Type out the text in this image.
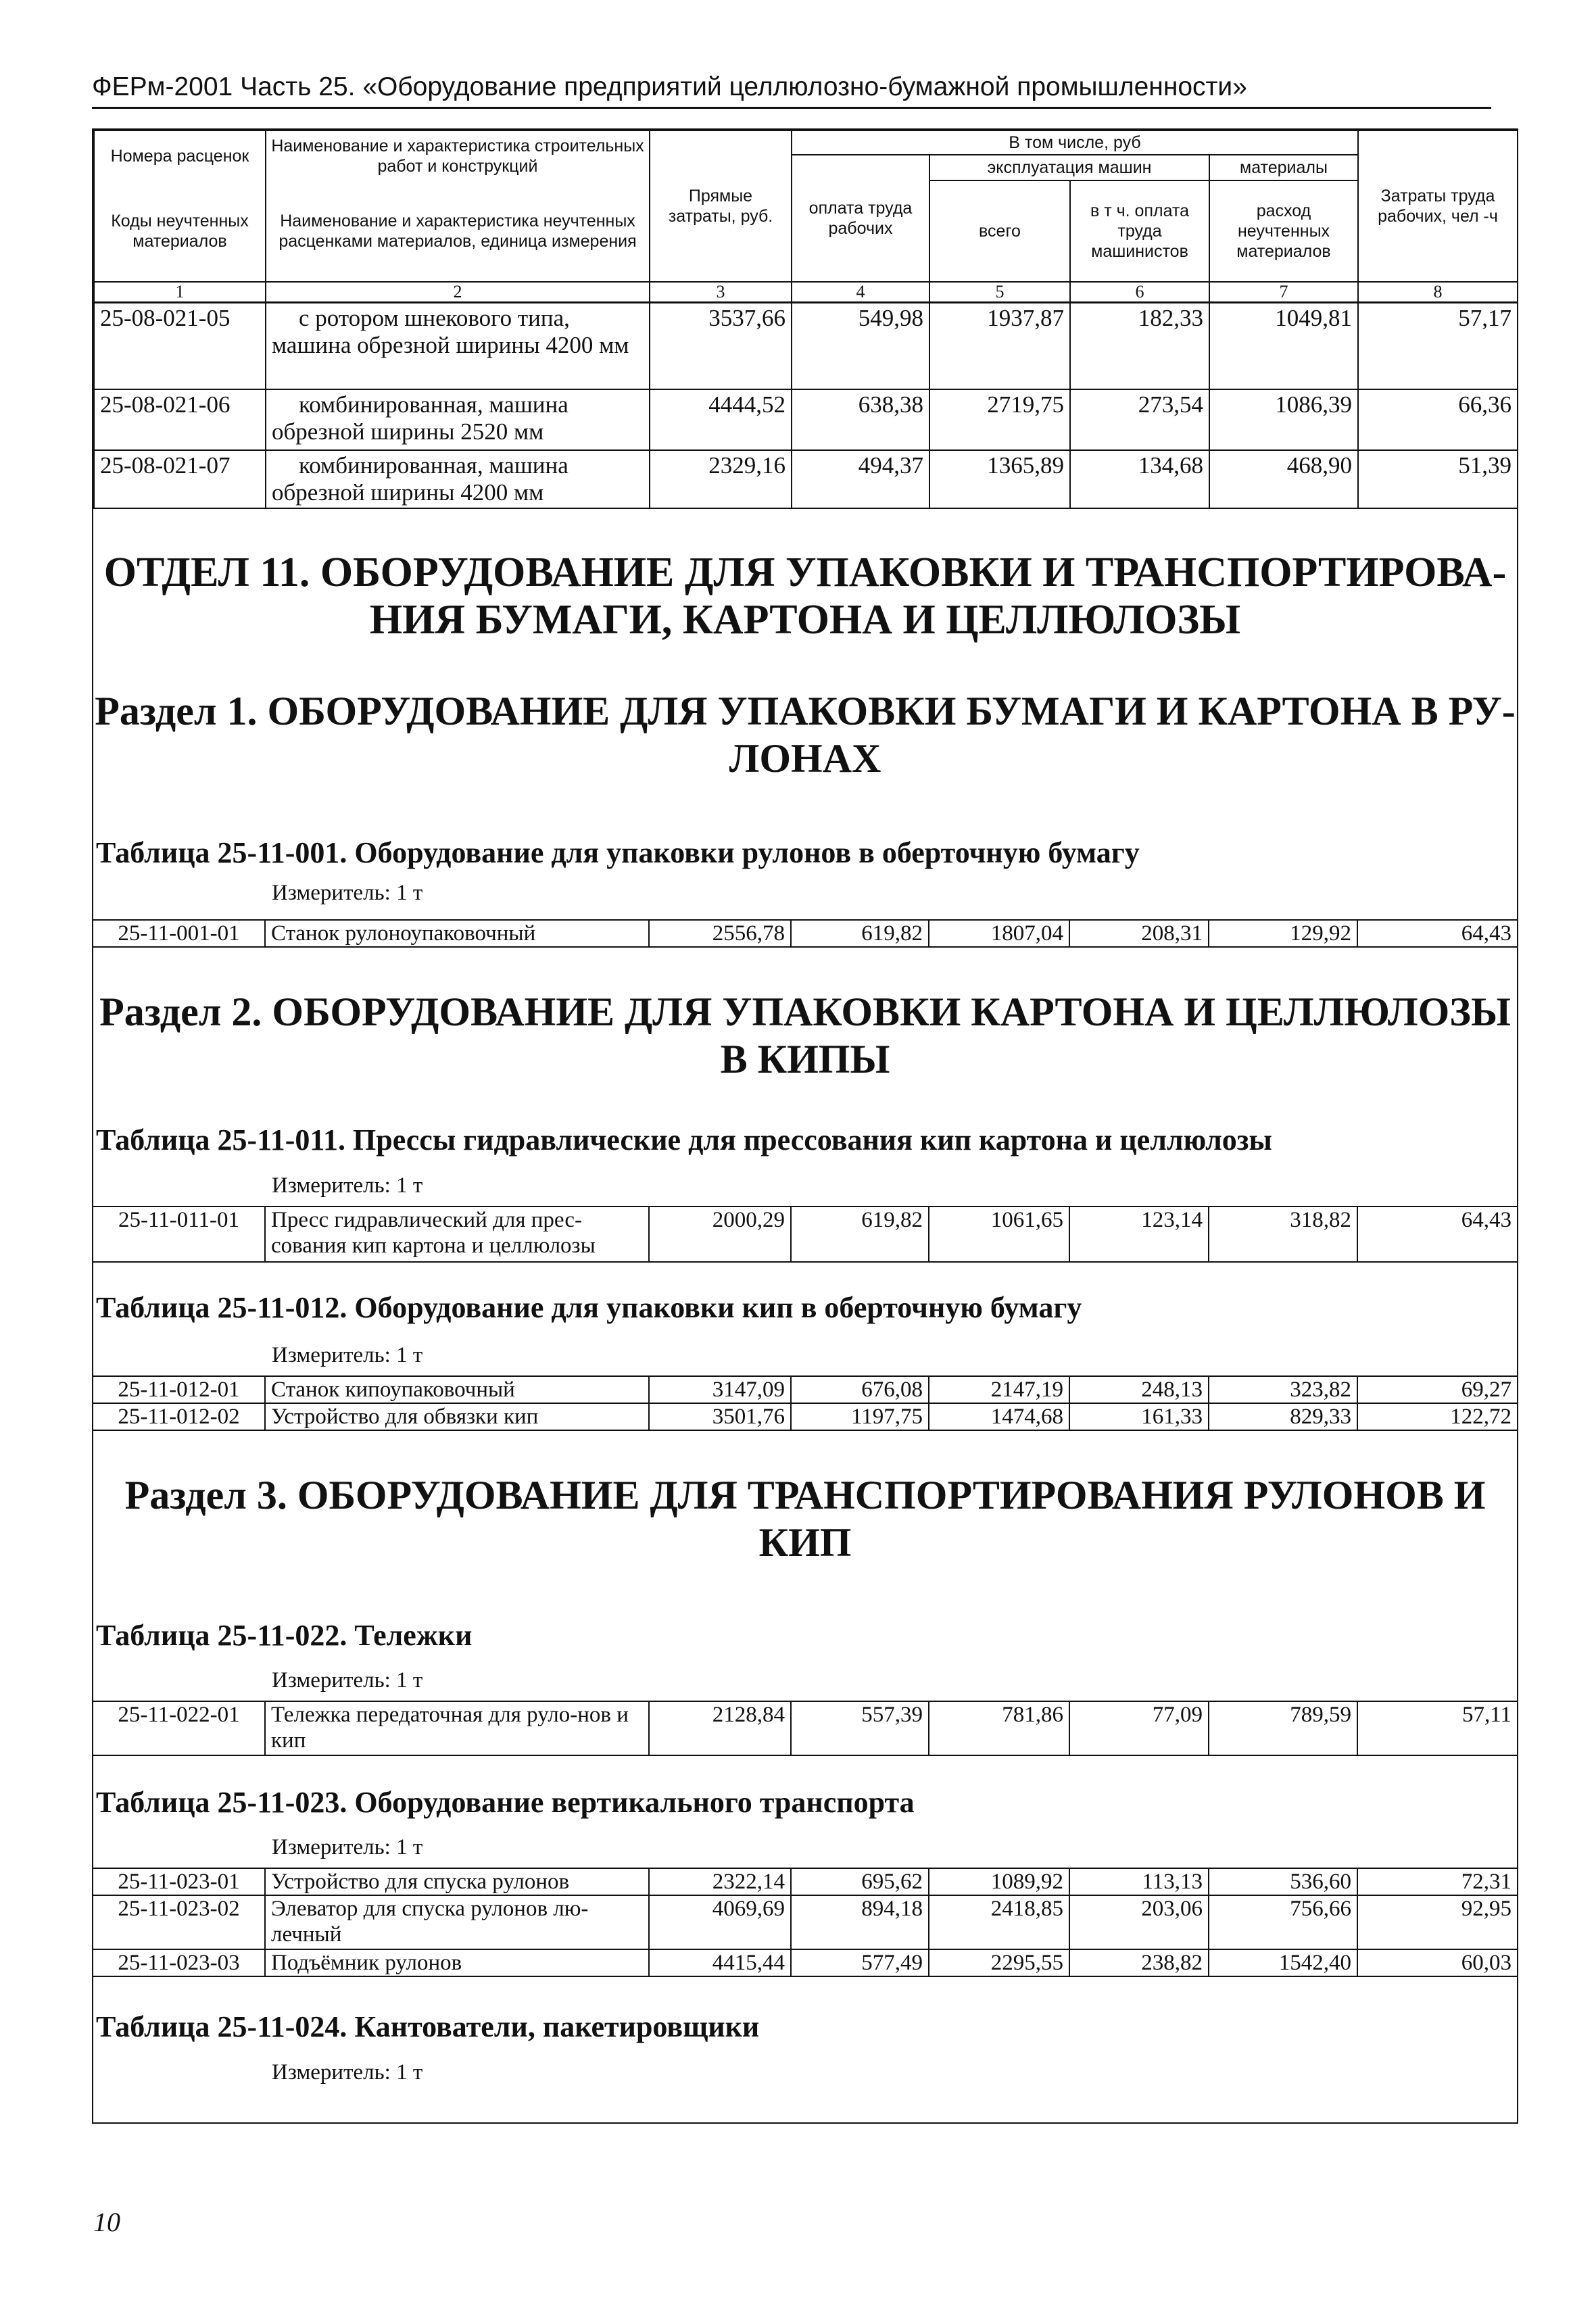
ФЕРм-2001 Часть 25. «Оборудование предприятий целлюлозно-бумажной промышленности»
Номера расценок	Наименование и характеристика строительных работ и конструкций	Прямые затраты, руб.	В том числе, руб				Затраты труда рабочих, чел -ч
			оплата труда рабочих	эксплуатация машин		материалы	
Коды неучтенных материалов	Наименование и характеристика неучтенных расценками материалов, единица измерения			всего	в т ч. оплата труда машинистов	расход неучтенных материалов	

1	2	3	4	5	6	7	8
25-08-021-05	с ротором шнекового типа, машина обрезной ширины 4200 мм	3537,66	549,98	1937,87	182,33	1049,81	57,17
25-08-021-06	комбинированная, машина обрезной ширины 2520 мм	4444,52	638,38	2719,75	273,54	1086,39	66,36
25-08-021-07	комбинированная, машина обрезной ширины 4200 мм	2329,16	494,37	1365,89	134,68	468,90	51,39
ОТДЕЛ 11. ОБОРУДОВАНИЕ ДЛЯ УПАКОВКИ И ТРАНСПОРТИРОВА-НИЯ БУМАГИ, КАРТОНА И ЦЕЛЛЮЛОЗЫ
Раздел 1. ОБОРУДОВАНИЕ ДЛЯ УПАКОВКИ БУМАГИ И КАРТОНА В РУ-ЛОНАХ
Таблица 25-11-001. Оборудование для упаковки рулонов в оберточную бумагу
Измеритель: 1 т
25-11-001-01	Станок рулоноупаковочный	2556,78	619,82	1807,04	208,31	129,92	64,43
Раздел 2. ОБОРУДОВАНИЕ ДЛЯ УПАКОВКИ КАРТОНА И ЦЕЛЛЮЛОЗЫ В КИПЫ
Таблица 25-11-011. Прессы гидравлические для прессования кип картона и целлюлозы
Измеритель: 1 т
25-11-011-01	Пресс гидравлический для прес-сования кип картона и целлюлозы	2000,29	619,82	1061,65	123,14	318,82	64,43
Таблица 25-11-012. Оборудование для упаковки кип в оберточную бумагу
Измеритель: 1 т
25-11-012-01	Станок кипоупаковочный	3147,09	676,08	2147,19	248,13	323,82	69,27
25-11-012-02	Устройство для обвязки кип	3501,76	1197,75	1474,68	161,33	829,33	122,72
Раздел 3. ОБОРУДОВАНИЕ ДЛЯ ТРАНСПОРТИРОВАНИЯ РУЛОНОВ И КИП
Таблица 25-11-022. Тележки
Измеритель: 1 т
25-11-022-01	Тележка передаточная для руло-нов и кип	2128,84	557,39	781,86	77,09	789,59	57,11
Таблица 25-11-023. Оборудование вертикального транспорта
Измеритель: 1 т
25-11-023-01	Устройство для спуска рулонов	2322,14	695,62	1089,92	113,13	536,60	72,31
25-11-023-02	Элеватор для спуска рулонов лю-лечный	4069,69	894,18	2418,85	203,06	756,66	92,95
25-11-023-03	Подъёмник рулонов	4415,44	577,49	2295,55	238,82	1542,40	60,03
Таблица 25-11-024. Кантователи, пакетировщики
Измеритель: 1 т
10
